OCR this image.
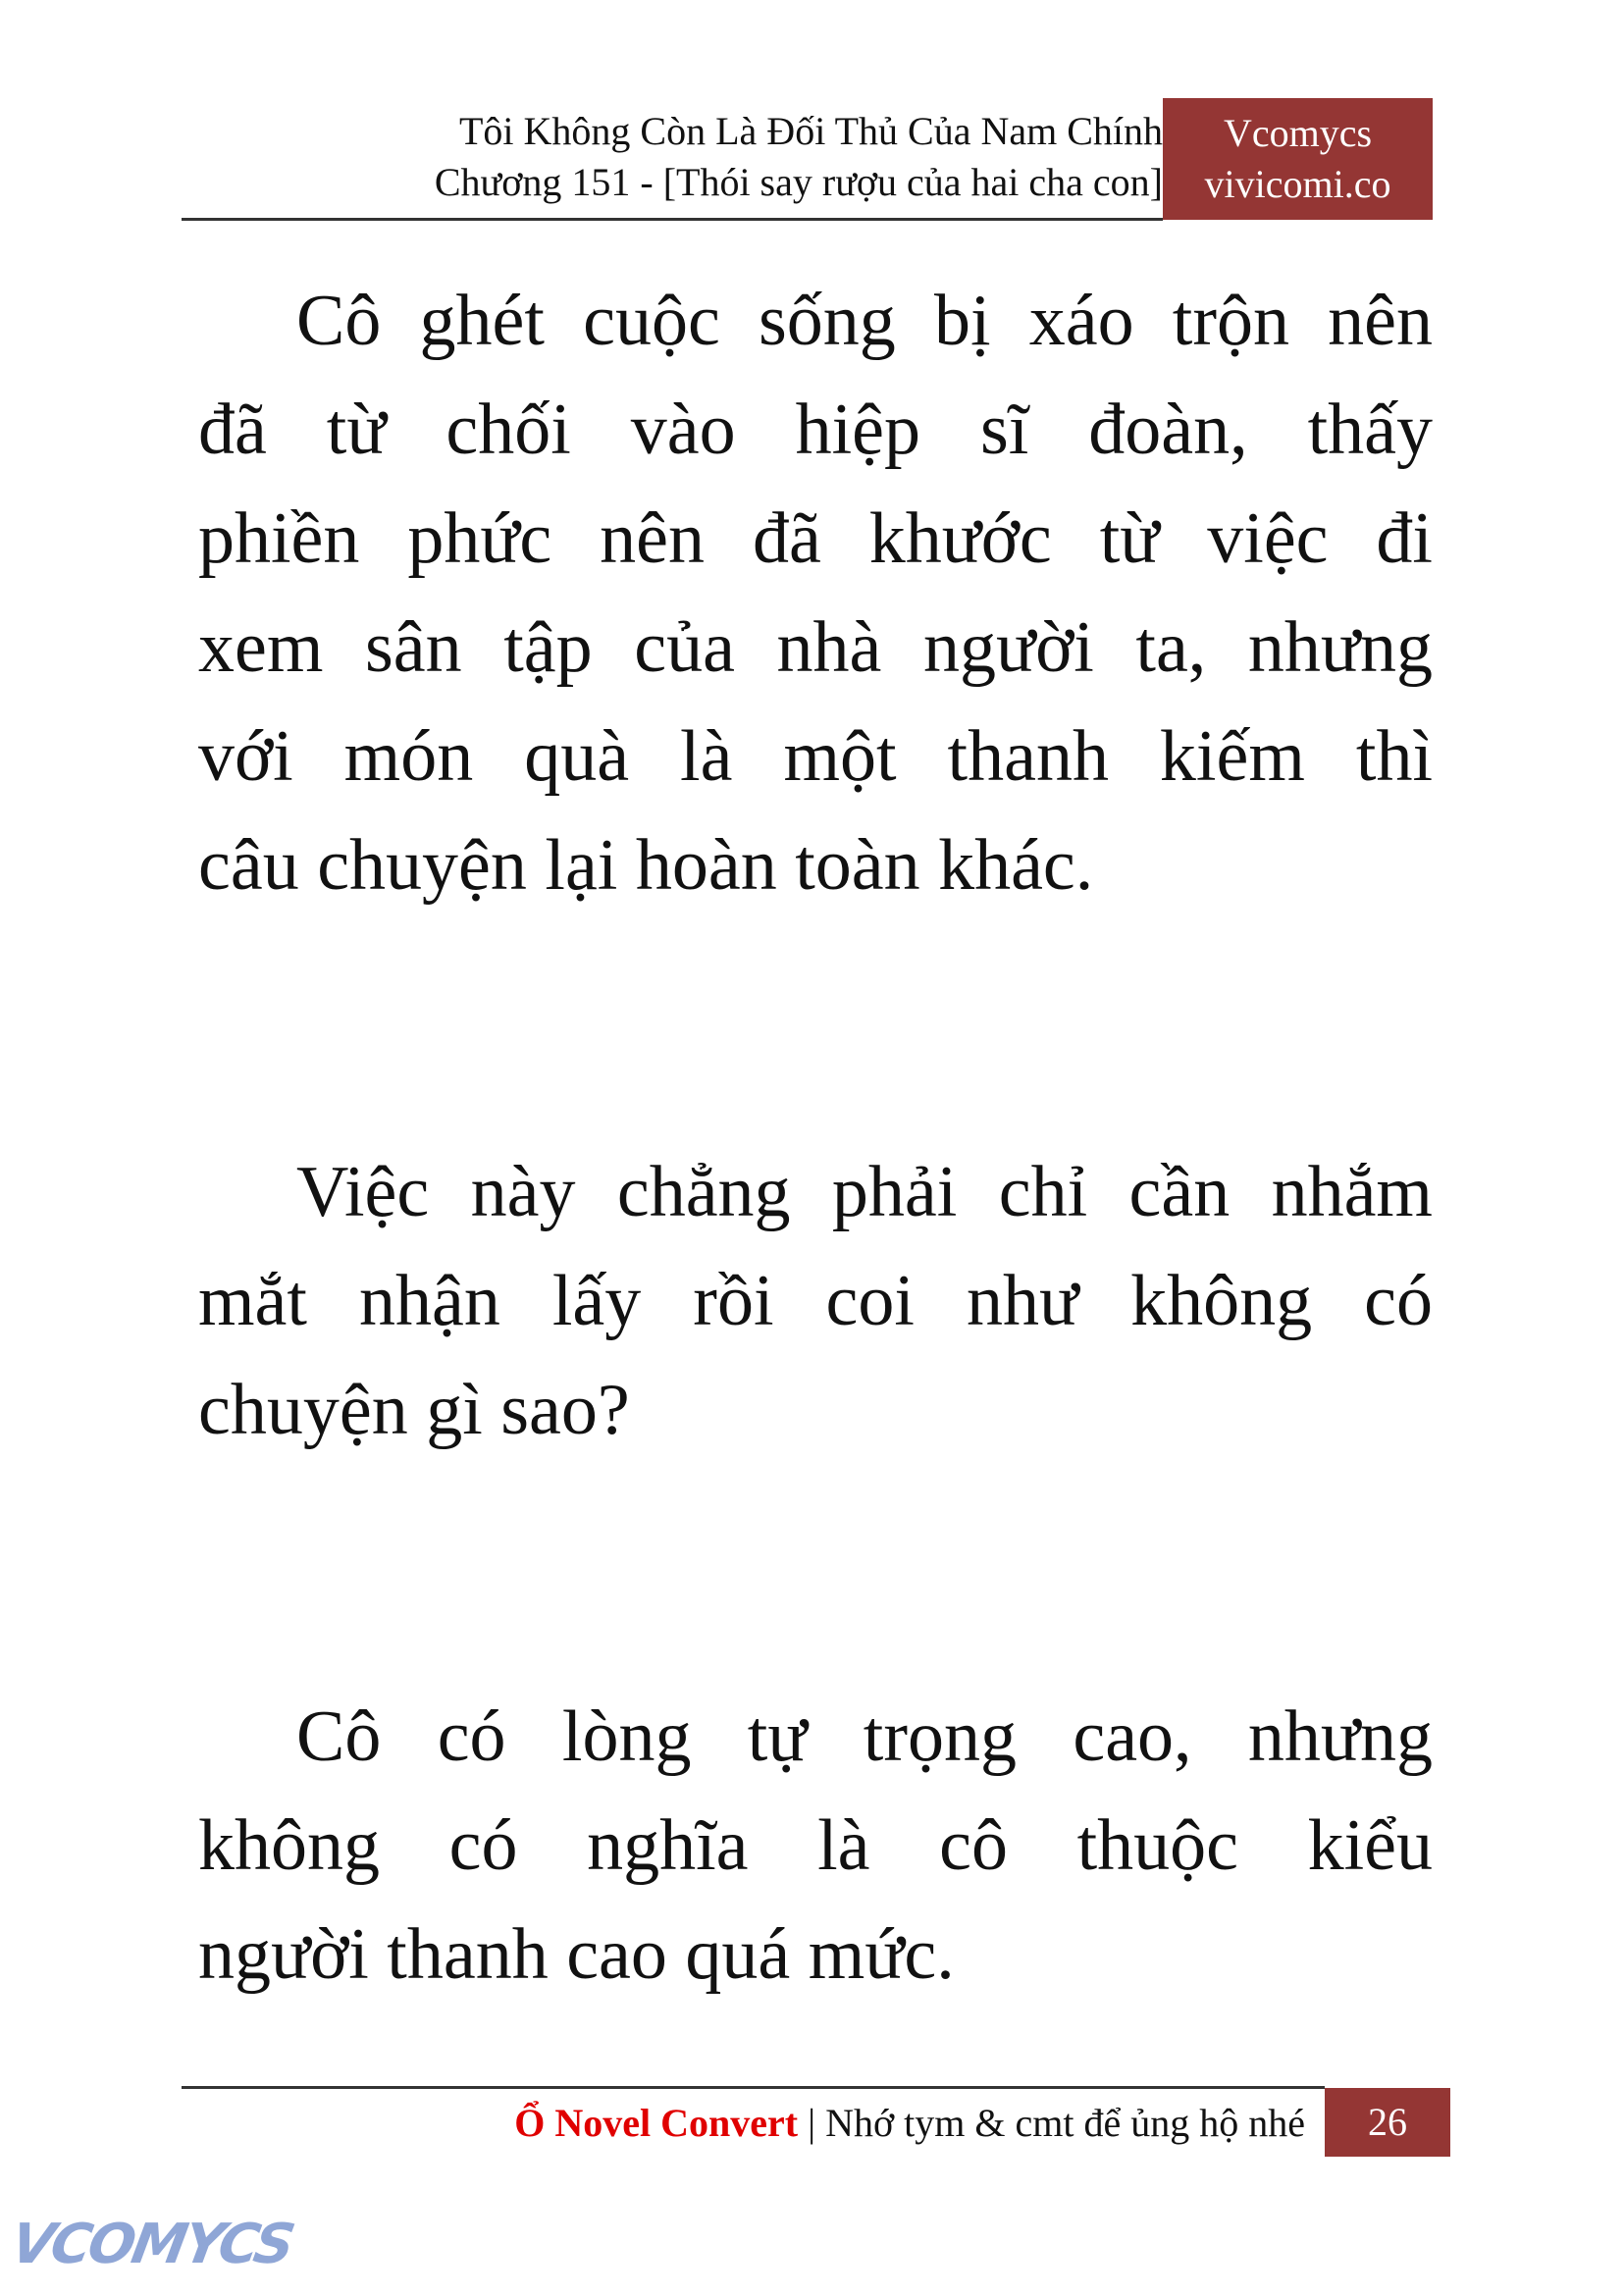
Tôi Không Còn Là Đối Thủ Của Nam Chính
Chương 151 - [Thói say rượu của hai cha con]
Vcomycs
vivicomi.co
Cô ghét cuộc sống bị xáo trộn nên
đã từ chối vào hiệp sĩ đoàn, thấy
phiền phức nên đã khước từ việc đi
xem sân tập của nhà người ta, nhưng
với món quà là một thanh kiếm thì
câu chuyện lại hoàn toàn khác.
Việc này chẳng phải chỉ cần nhắm
mắt nhận lấy rồi coi như không có
chuyện gì sao?
Cô có lòng tự trọng cao, nhưng
không có nghĩa là cô thuộc kiểu
người thanh cao quá mức.
Ổ Novel Convert | Nhớ tym & cmt để ủng hộ nhé	26
VCOMYCS
